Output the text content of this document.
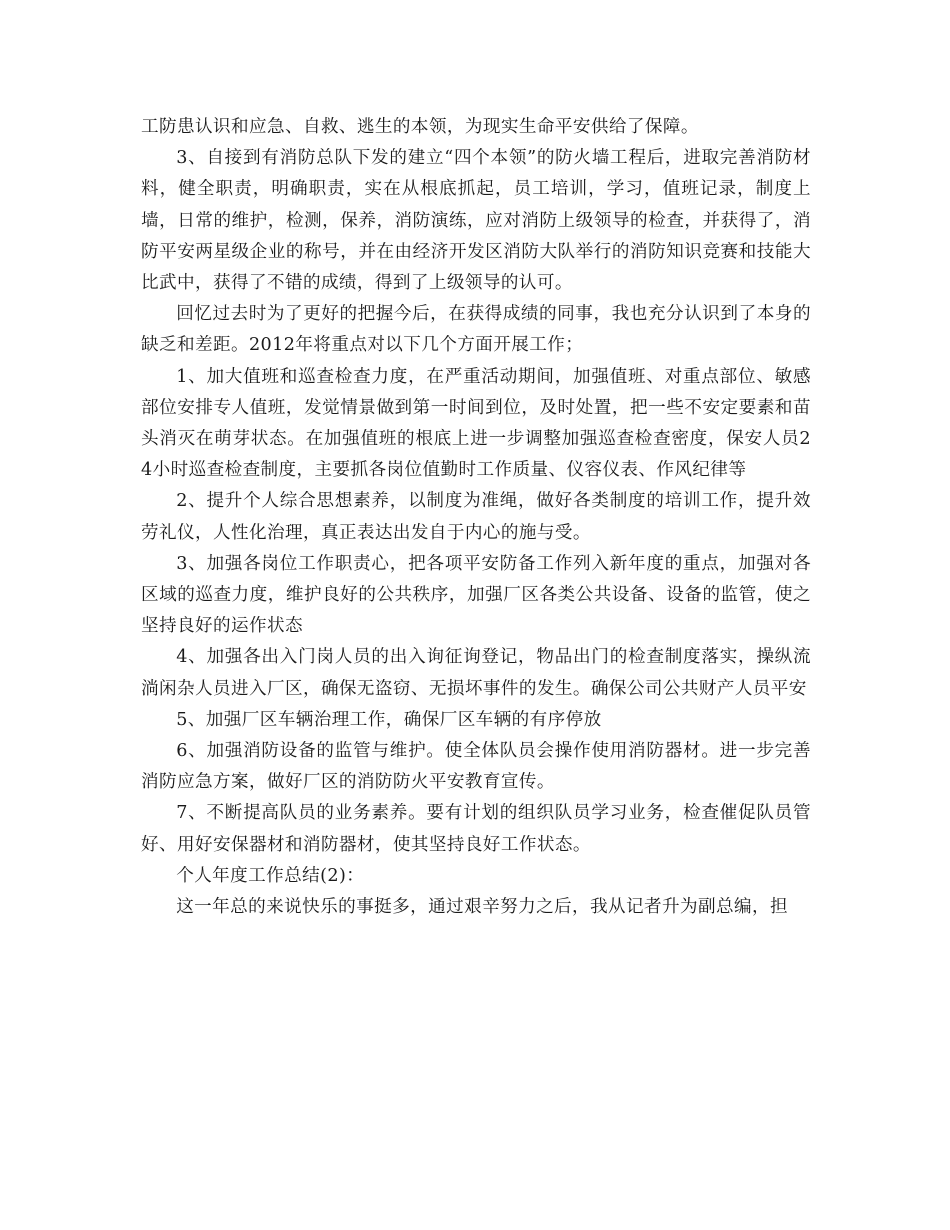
工防患认识和应急、自救、逃生的本领，为现实生命平安供给了保障。

3、自接到有消防总队下发的建立“四个本领”的防火墙工程后，进取完善消防材料，健全职责，明确职责，实在从根底抓起，员工培训，学习，值班记录，制度上墙，日常的维护，检测，保养，消防演练，应对消防上级领导的检查，并获得了，消防平安两星级企业的称号，并在由经济开发区消防大队举行的消防知识竞赛和技能大比武中，获得了不错的成绩，得到了上级领导的认可。

回忆过去时为了更好的把握今后，在获得成绩的同事，我也充分认识到了本身的缺乏和差距。2012年将重点对以下几个方面开展工作；

1、加大值班和巡查检查力度，在严重活动期间，加强值班、对重点部位、敏感部位安排专人值班，发觉情景做到第一时间到位，及时处置，把一些不安定要素和苗头消灭在萌芽状态。在加强值班的根底上进一步调整加强巡查检查密度，保安人员24小时巡查检查制度，主要抓各岗位值勤时工作质量、仪容仪表、作风纪律等

2、提升个人综合思想素养，以制度为准绳，做好各类制度的培训工作，提升效劳礼仪，人性化治理，真正表达出发自于内心的施与受。

3、加强各岗位工作职责心，把各项平安防备工作列入新年度的重点，加强对各区域的巡查力度，维护良好的公共秩序，加强厂区各类公共设备、设备的监管，使之坚持良好的运作状态

4、加强各出入门岗人员的出入询征询登记，物品出门的检查制度落实，操纵流淌闲杂人员进入厂区，确保无盗窃、无损坏事件的发生。确保公司公共财产人员平安

5、加强厂区车辆治理工作，确保厂区车辆的有序停放

6、加强消防设备的监管与维护。使全体队员会操作使用消防器材。进一步完善消防应急方案，做好厂区的消防防火平安教育宣传。

7、不断提高队员的业务素养。要有计划的组织队员学习业务，检查催促队员管好、用好安保器材和消防器材，使其坚持良好工作状态。

个人年度工作总结(2)：

这一年总的来说快乐的事挺多，通过艰辛努力之后，我从记者升为副总编，担
